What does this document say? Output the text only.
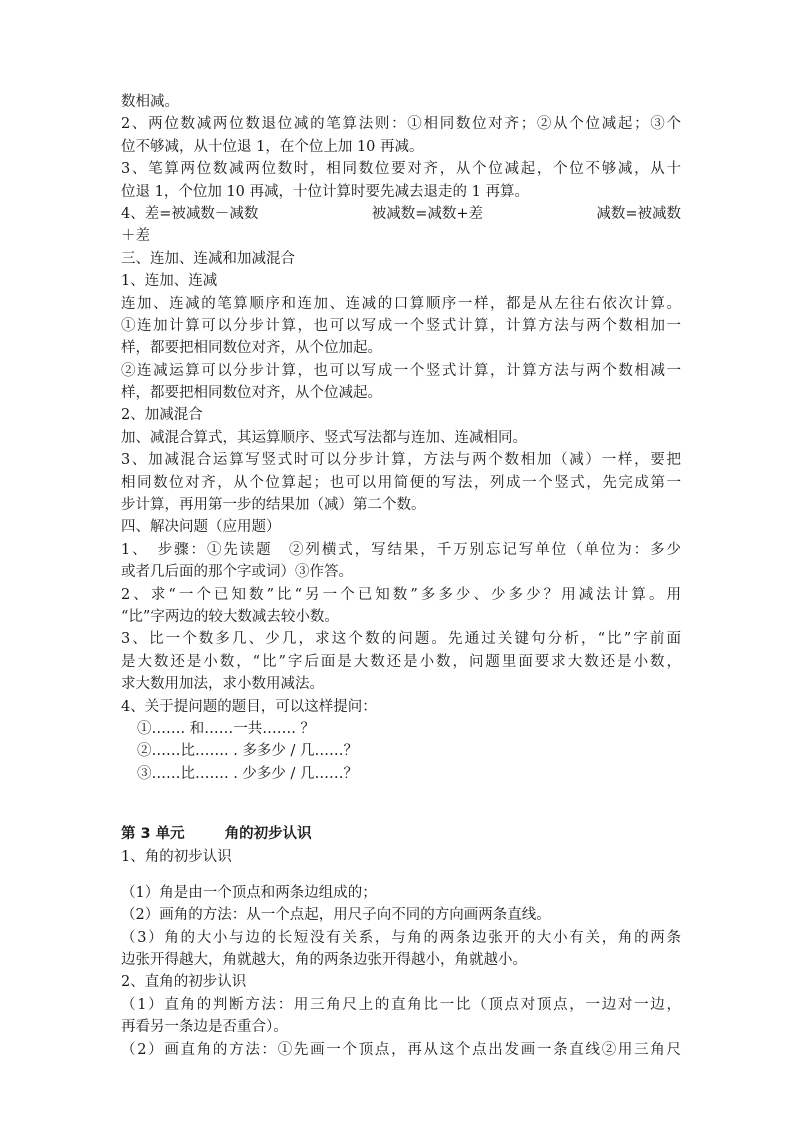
数相减。
2、两位数减两位数退位减的笔算法则：①相同数位对齐；②从个位减起；③个
位不够减，从十位退 1，在个位上加 10 再减。
3、笔算两位数减两位数时，相同数位要对齐，从个位减起，个位不够减，从十
位退 1，个位加 10 再减，十位计算时要先减去退走的 1 再算。
4、差=被减数－减数	被减数=减数+差	减数=被减数
＋差
三、连加、连减和加减混合
1、连加、连减
连加、连减的笔算顺序和连加、连减的口算顺序一样，都是从左往右依次计算。
①连加计算可以分步计算，也可以写成一个竖式计算，计算方法与两个数相加一
样，都要把相同数位对齐，从个位加起。
②连减运算可以分步计算，也可以写成一个竖式计算，计算方法与两个数相减一
样，都要把相同数位对齐，从个位减起。
2、加减混合
加、减混合算式，其运算顺序、竖式写法都与连加、连减相同。
3、加减混合运算写竖式时可以分步计算，方法与两个数相加（减）一样，要把
相同数位对齐，从个位算起；也可以用简便的写法，列成一个竖式，先完成第一
步计算，再用第一步的结果加（减）第二个数。
四、解决问题（应用题）
1、　步骤：①先读题　②列横式，写结果，千万别忘记写单位（单位为：多少
或者几后面的那个字或词）③作答。
2、求“一个已知数”比“另一个已知数”多多少、少多少？用减法计算。用
“比”字两边的较大数减去较小数。
3、比一个数多几、少几，求这个数的问题。先通过关键句分析，“比”字前面
是大数还是小数，“比”字后面是大数还是小数，问题里面要求大数还是小数，
求大数用加法，求小数用减法。
4、关于提问题的题目，可以这样提问：
①……. 和……一共……. ？
②……比……. . 多多少 / 几……？
③……比……. . 少多少 / 几……？
第 3 单元	角的初步认识
1、角的初步认识
（1）角是由一个顶点和两条边组成的；
（2）画角的方法：从一个点起，用尺子向不同的方向画两条直线。
（3）角的大小与边的长短没有关系，与角的两条边张开的大小有关，角的两条
边张开得越大，角就越大，角的两条边张开得越小，角就越小。
2、直角的初步认识
（1）直角的判断方法：用三角尺上的直角比一比（顶点对顶点，一边对一边，
再看另一条边是否重合）。
（2）画直角的方法：①先画一个顶点，再从这个点出发画一条直线②用三角尺
